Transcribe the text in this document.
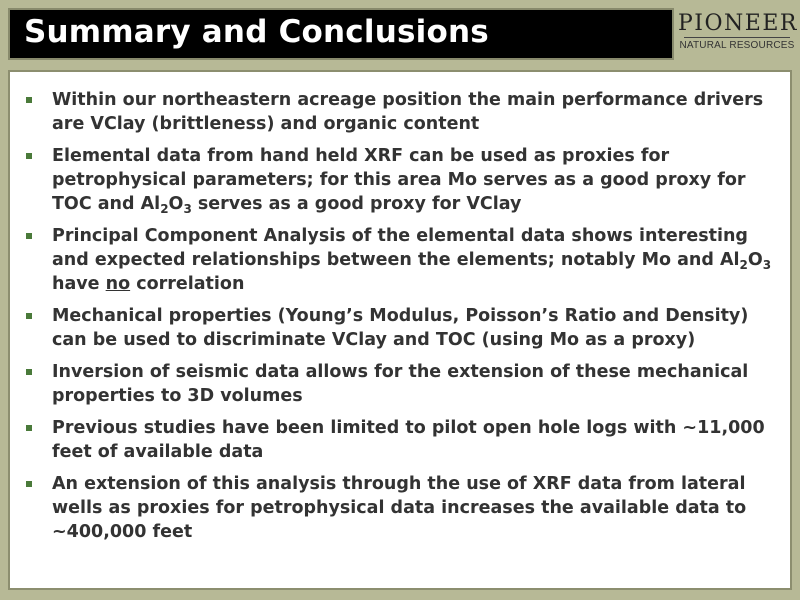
Summary and Conclusions	PIONEER
NATURAL RESOURCES
Within our northeastern acreage position the main performance drivers are VClay (brittleness) and organic content
Elemental data from hand held XRF can be used as proxies for petrophysical parameters; for this area Mo serves as a good proxy for TOC and $Al_2O_3$ serves as a good proxy for VClay
Principal Component Analysis of the elemental data shows interesting and expected relationships between the elements; notably Mo and $Al_2O_3$ have no correlation
Mechanical properties (Young’s Modulus, Poisson’s Ratio and Density) can be used to discriminate VClay and TOC (using Mo as a proxy)
Inversion of seismic data allows for the extension of these mechanical properties to 3D volumes
Previous studies have been limited to pilot open hole logs with ~11,000 feet of available data
An extension of this analysis through the use of XRF data from lateral wells as proxies for petrophysical data increases the available data to ~400,000 feet
